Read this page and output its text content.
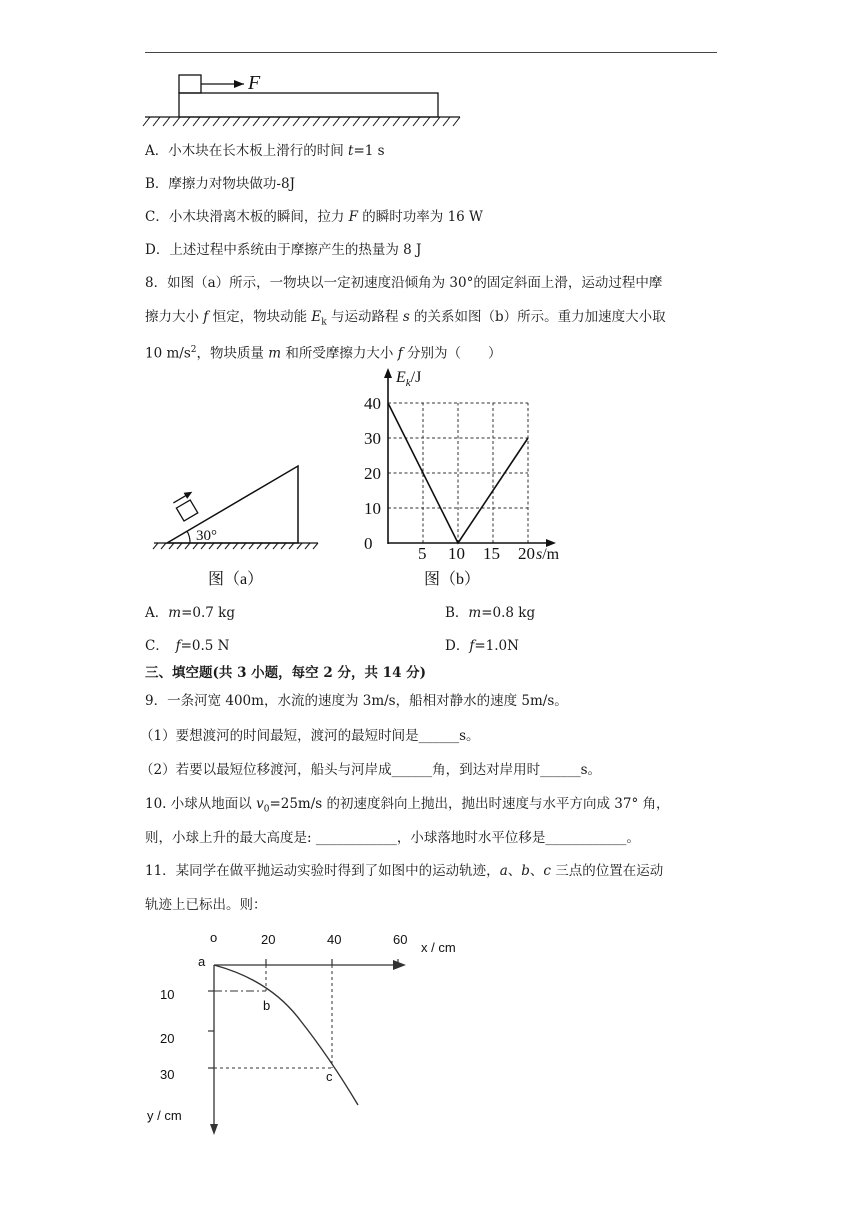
F
A．小木块在长木板上滑行的时间 t=1 s
B．摩擦力对物块做功-8J
C．小木块滑离木板的瞬间，拉力 F 的瞬时功率为 16 W
D．上述过程中系统由于摩擦产生的热量为 8 J
8．如图（a）所示，一物块以一定初速度沿倾角为 30°的固定斜面上滑，运动过程中摩
擦力大小 f 恒定，物块动能 $E_k$ 与运动路程 s 的关系如图（b）所示。重力加速度大小取
10 $m/s^2$，物块质量 m 和所受摩擦力大小 f 分别为（　　）
30°
图（a）
40
30
20
10
0
5 10 15 20
$E_k/J$
s/m
图（b）
A．m=0.7 kg	B．m=0.8 kg
C．　f=0.5 N	D．f=1.0N
三、填空题(共 3 小题，每空 2 分，共 14 分)
9．一条河宽 400m，水流的速度为 3m/s，船相对静水的速度 5m/s。
（1）要想渡河的时间最短，渡河的最短时间是______s。
（2）若要以最短位移渡河，船头与河岸成______角，到达对岸用时______s。
10. 小球从地面以 $v_0=25m/s$ 的初速度斜向上抛出，抛出时速度与水平方向成 37° 角，
则，小球上升的最大高度是: ____________，小球落地时水平位移是____________。
11．某同学在做平抛运动实验时得到了如图中的运动轨迹，a、b、c 三点的位置在运动
轨迹上已标出。则：
o	20	40	60
x / cm
a
b
c
10
20
30
y / cm
